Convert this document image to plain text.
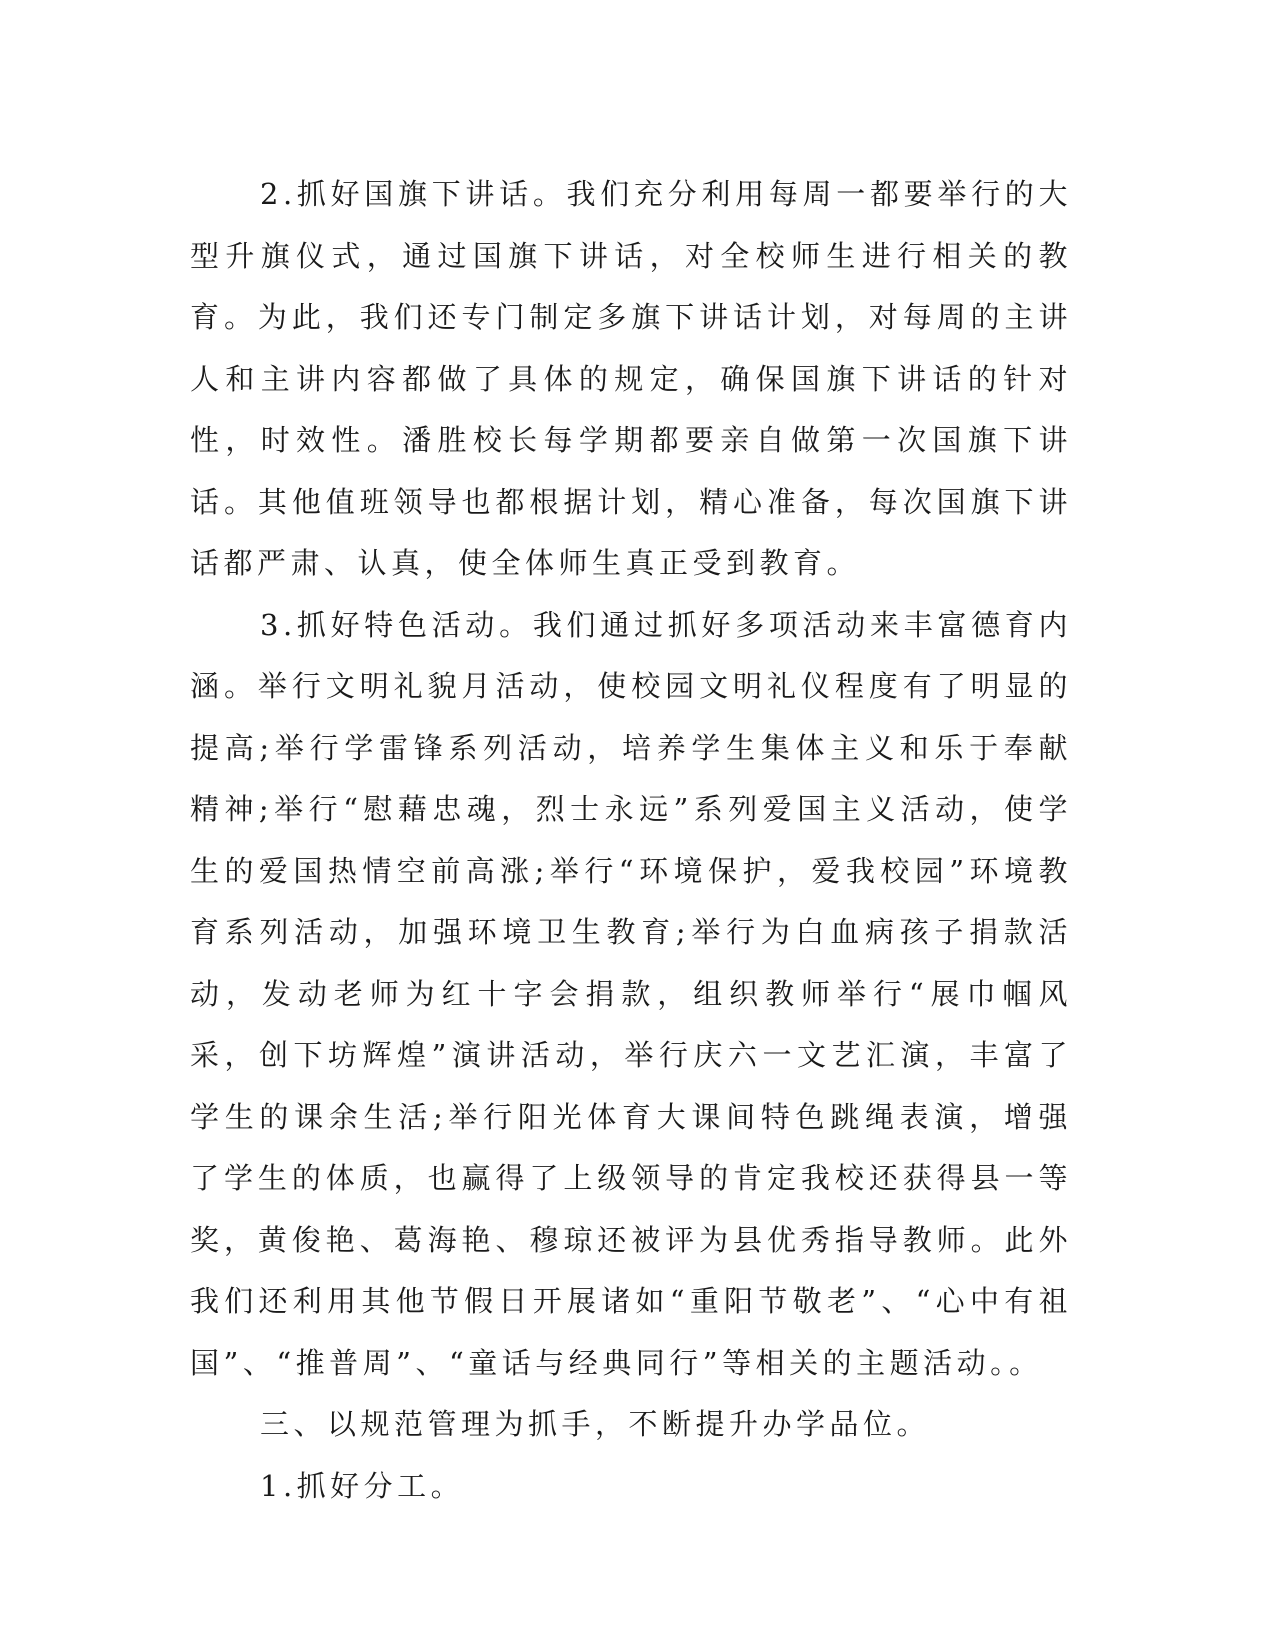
2.抓好国旗下讲话。我们充分利用每周一都要举行的大型升旗仪式，通过国旗下讲话，对全校师生进行相关的教育。为此，我们还专门制定多旗下讲话计划，对每周的主讲人和主讲内容都做了具体的规定，确保国旗下讲话的针对性，时效性。潘胜校长每学期都要亲自做第一次国旗下讲话。其他值班领导也都根据计划，精心准备，每次国旗下讲话都严肃、认真，使全体师生真正受到教育。

3.抓好特色活动。我们通过抓好多项活动来丰富德育内涵。举行文明礼貌月活动，使校园文明礼仪程度有了明显的提高;举行学雷锋系列活动，培养学生集体主义和乐于奉献精神;举行“慰藉忠魂，烈士永远”系列爱国主义活动，使学生的爱国热情空前高涨;举行“环境保护，爱我校园”环境教育系列活动，加强环境卫生教育;举行为白血病孩子捐款活动，发动老师为红十字会捐款，组织教师举行“展巾帼风采，创下坊辉煌”演讲活动，举行庆六一文艺汇演，丰富了学生的课余生活;举行阳光体育大课间特色跳绳表演，增强了学生的体质，也赢得了上级领导的肯定我校还获得县一等奖，黄俊艳、葛海艳、穆琼还被评为县优秀指导教师。此外我们还利用其他节假日开展诸如“重阳节敬老”、“心中有祖国”、“推普周”、“童话与经典同行”等相关的主题活动。。

三、以规范管理为抓手，不断提升办学品位。

1.抓好分工。
